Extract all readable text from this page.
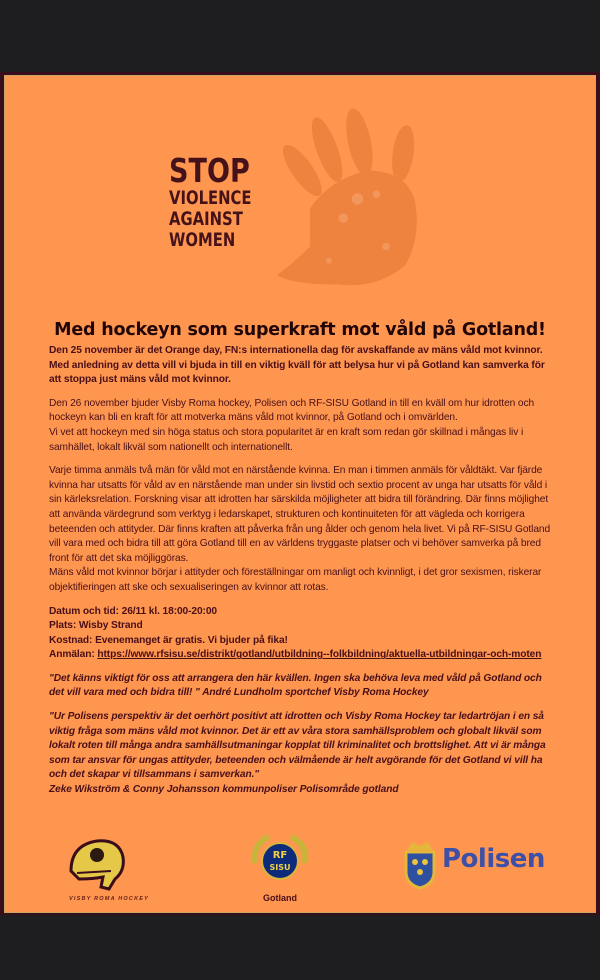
STOP
VIOLENCE
AGAINST
WOMEN
Med hockeyn som superkraft mot våld på Gotland!

Den 25 november är det Orange day, FN:s internationella dag för avskaffande av mäns våld mot kvinnor. Med anledning av detta vill vi bjuda in till en viktig kväll för att belysa hur vi på Gotland kan samverka för att stoppa just mäns våld mot kvinnor.

Den 26 november bjuder Visby Roma hockey, Polisen och RF-SISU Gotland in till en kväll om hur idrotten och hockeyn kan bli en kraft för att motverka mäns våld mot kvinnor, på Gotland och i omvärlden.

Vi vet att hockeyn med sin höga status och stora popularitet är en kraft som redan gör skillnad i mångas liv i samhället, lokalt likväl som nationellt och internationellt.

Varje timma anmäls två män för våld mot en närstående kvinna. En man i timmen anmäls för våldtäkt. Var fjärde kvinna har utsatts för våld av en närstående man under sin livstid och sextio procent av unga har utsatts för våld i sin kärleksrelation. Forskning visar att idrotten har särskilda möjligheter att bidra till förändring. Där finns möjlighet att använda värdegrund som verktyg i ledarskapet, strukturen och kontinuiteten för att vägleda och korrigera beteenden och attityder. Där finns kraften att påverka från ung ålder och genom hela livet. Vi på RF-SISU Gotland vill vara med och bidra till att göra Gotland till en av världens tryggaste platser och vi behöver samverka på bred front för att det ska möjliggöras.

Mäns våld mot kvinnor börjar i attityder och föreställningar om manligt och kvinnligt, i det gror sexismen, riskerar objektifieringen att ske och sexualiseringen av kvinnor att rotas.

Datum och tid: 26/11 kl. 18:00-20:00

Plats: Wisby Strand

Kostnad: Evenemanget är gratis. Vi bjuder på fika!

Anmälan: https://www.rfsisu.se/distrikt/gotland/utbildning--folkbildning/aktuella-utbildningar-och-moten

"Det känns viktigt för oss att arrangera den här kvällen. Ingen ska behöva leva med våld på Gotland och det vill vara med och bidra till! " André Lundholm sportchef Visby Roma Hockey

"Ur Polisens perspektiv är det oerhört positivt att idrotten och Visby Roma Hockey tar ledartröjan i en så viktig fråga som mäns våld mot kvinnor. Det är ett av våra stora samhällsproblem och globalt likväl som lokalt roten till många andra samhällsutmaningar kopplat till kriminalitet och brottslighet. Att vi är många som tar ansvar för ungas attityder, beteenden och välmående är helt avgörande för det Gotland vi vill ha och det skapar vi tillsammans i samverkan."

Zeke Wikström & Conny Johansson kommunpoliser Polisområde gotland

VISBY ROMA HOCKEY
RF
SISU
Gotland
Polisen
